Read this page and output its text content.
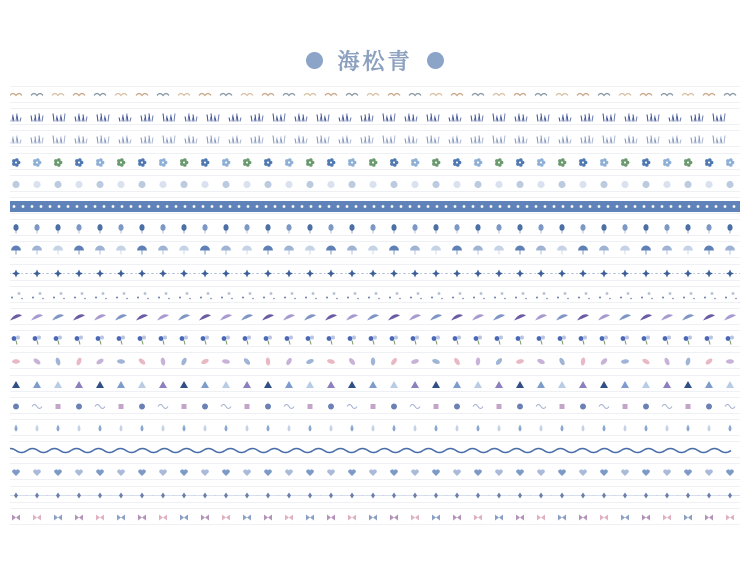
海松青
